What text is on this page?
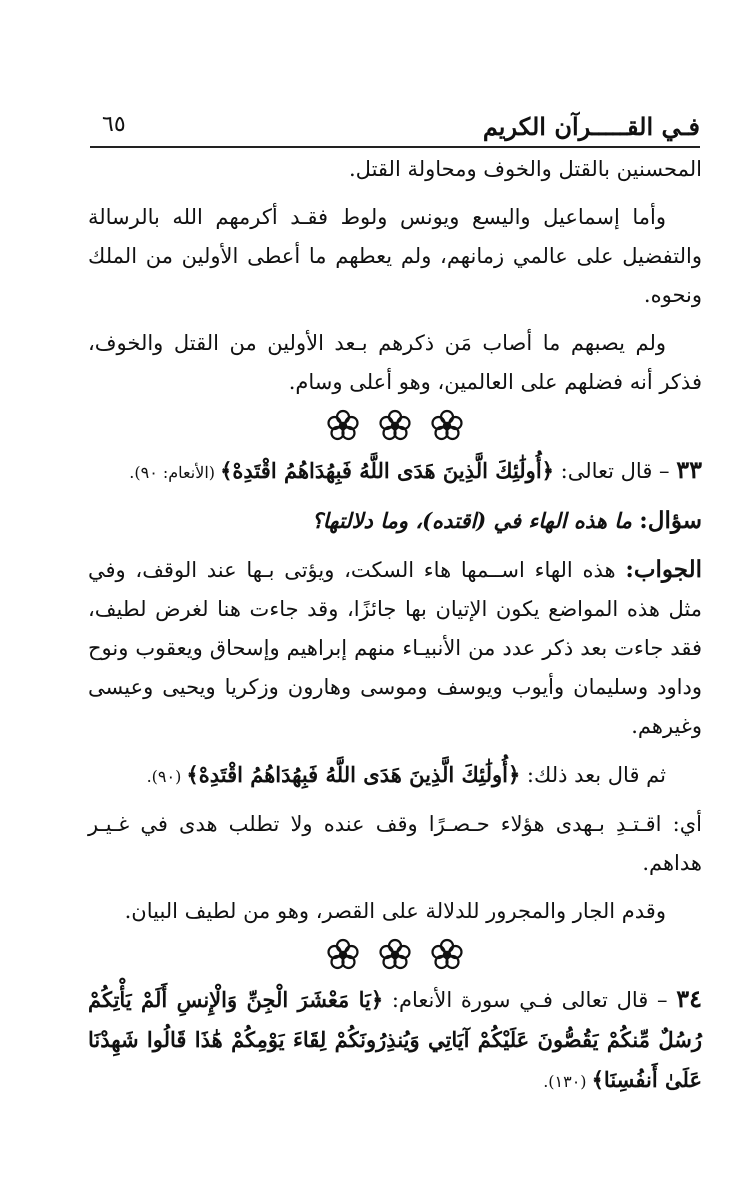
فـي القـــــرآن الكريم
٦٥

المحسنين بالقتل والخوف ومحاولة القتل.

وأما إسماعيل واليسع ويونس ولوط فقـد أكرمهم الله بالرسالة والتفضيل على عالمي زمانهم، ولم يعطهم ما أعطى الأولين من الملك ونحوه.

ولم يصبهم ما أصاب مَن ذكرهم بـعد الأولين من القتل والخوف، فذكر أنه فضلهم على العالمين، وهو أعلى وسام.

٣٣ – قال تعالى: ﴿أُولَٰئِكَ الَّذِينَ هَدَى اللَّهُ فَبِهُدَاهُمُ اقْتَدِهْ﴾ (الأنعام: ٩٠).

سؤال: ما هذه الهاء في (اقتده)، وما دلالتها؟

الجواب: هذه الهاء اســمها هاء السكت، ويؤتى بـها عند الوقف، وفي مثل هذه المواضع يكون الإتيان بها جائزًا، وقد جاءت هنا لغرض لطيف، فقد جاءت بعد ذكر عدد من الأنبيـاء منهم إبراهيم وإسحاق ويعقوب ونوح وداود وسليمان وأيوب ويوسف وموسى وهارون وزكريا ويحيى وعيسى وغيرهم.

ثم قال بعد ذلك: ﴿أُولَٰئِكَ الَّذِينَ هَدَى اللَّهُ فَبِهُدَاهُمُ اقْتَدِهْ﴾ (٩٠).

أي: اقـتـدِ بـهدى هؤلاء حـصـرًا وقف عنده ولا تطلب هدى في غـيـر هداهم.

وقدم الجار والمجرور للدلالة على القصر، وهو من لطيف البيان.

٣٤ – قال تعالى فـي سورة الأنعام: ﴿يَا مَعْشَرَ الْجِنِّ وَالْإِنسِ أَلَمْ يَأْتِكُمْ رُسُلٌ مِّنكُمْ يَقُصُّونَ عَلَيْكُمْ آيَاتِي وَيُنذِرُونَكُمْ لِقَاءَ يَوْمِكُمْ هَٰذَا قَالُوا شَهِدْنَا عَلَىٰ أَنفُسِنَا﴾ (١٣٠).
